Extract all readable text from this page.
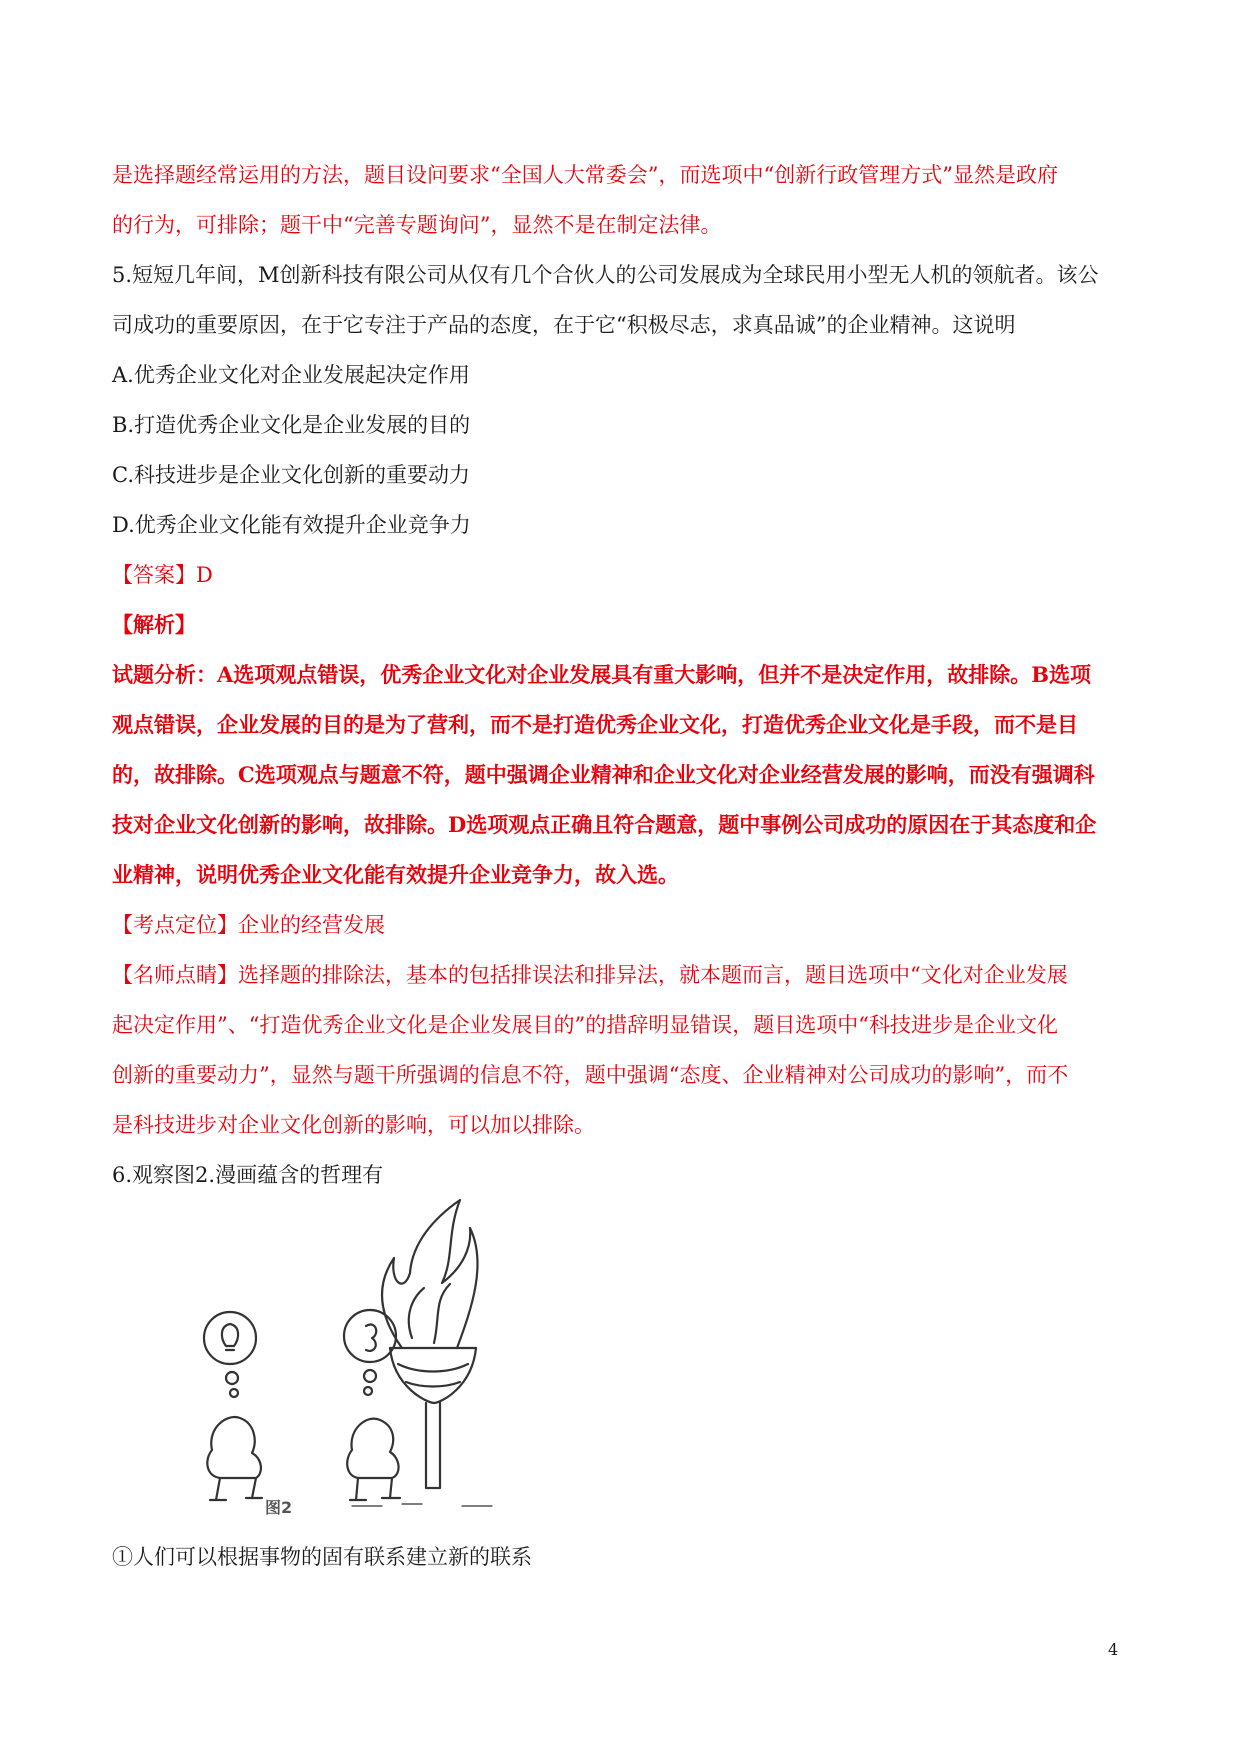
是选择题经常运用的方法，题目设问要求“全国人大常委会”，而选项中“创新行政管理方式”显然是政府

的行为，可排除；题干中“完善专题询问”，显然不是在制定法律。

5.短短几年间，M创新科技有限公司从仅有几个合伙人的公司发展成为全球民用小型无人机的领航者。该公

司成功的重要原因，在于它专注于产品的态度，在于它“积极尽志，求真品诚”的企业精神。这说明

A.优秀企业文化对企业发展起决定作用

B.打造优秀企业文化是企业发展的目的

C.科技进步是企业文化创新的重要动力

D.优秀企业文化能有效提升企业竞争力

【答案】D

【解析】

试题分析：A选项观点错误，优秀企业文化对企业发展具有重大影响，但并不是决定作用，故排除。B选项

观点错误，企业发展的目的是为了营利，而不是打造优秀企业文化，打造优秀企业文化是手段，而不是目

的，故排除。C选项观点与题意不符，题中强调企业精神和企业文化对企业经营发展的影响，而没有强调科

技对企业文化创新的影响，故排除。D选项观点正确且符合题意，题中事例公司成功的原因在于其态度和企

业精神，说明优秀企业文化能有效提升企业竞争力，故入选。

【考点定位】企业的经营发展

【名师点睛】选择题的排除法，基本的包括排误法和排异法，就本题而言，题目选项中“文化对企业发展

起决定作用”、“打造优秀企业文化是企业发展目的”的措辞明显错误，题目选项中“科技进步是企业文化

创新的重要动力”，显然与题干所强调的信息不符，题中强调“态度、企业精神对公司成功的影响”，而不

是科技进步对企业文化创新的影响，可以加以排除。

6.观察图2.漫画蕴含的哲理有

图2
①人们可以根据事物的固有联系建立新的联系
4
